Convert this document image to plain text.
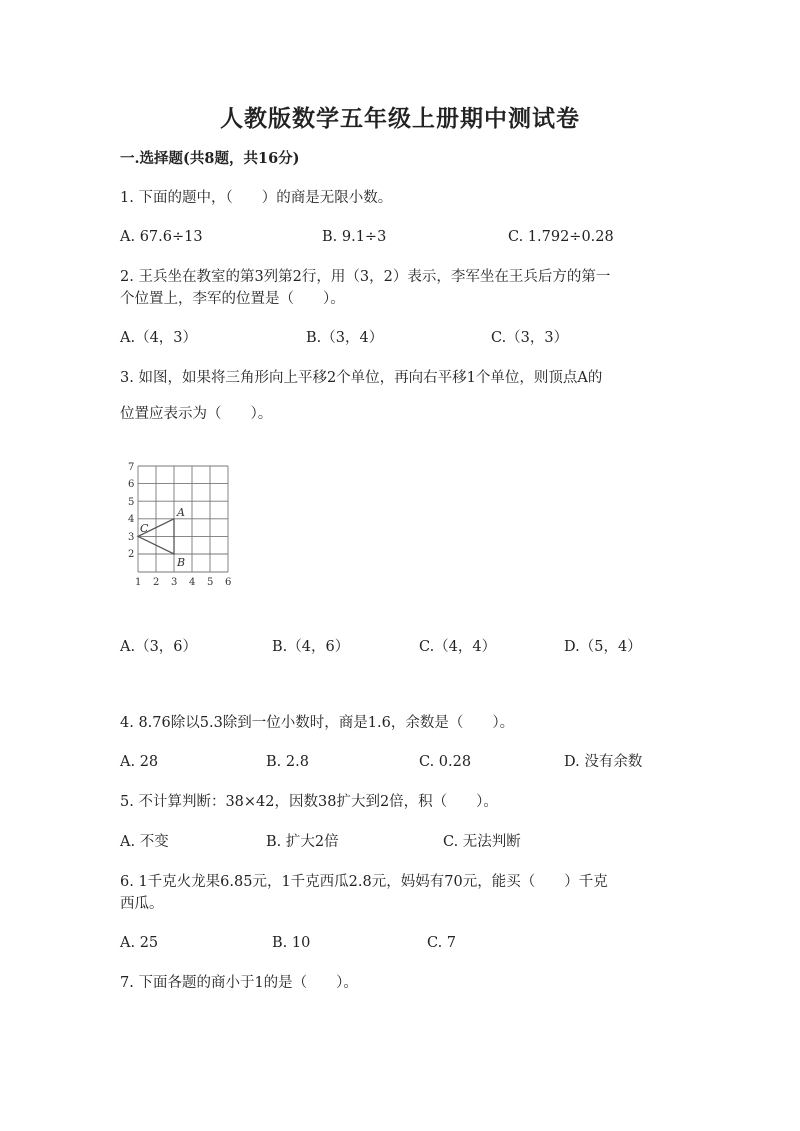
人教版数学五年级上册期中测试卷
一.选择题(共8题，共16分)
1. 下面的题中，（　　）的商是无限小数。
A. 67.6÷13	B. 9.1÷3	C. 1.792÷0.28
2. 王兵坐在教室的第3列第2行，用（3，2）表示，李军坐在王兵后方的第一
个位置上，李军的位置是（　　）。
A.（4，3）	B.（3，4）	C.（3，3）
3. 如图，如果将三角形向上平移2个单位，再向右平移1个单位，则顶点A的
位置应表示为（　　）。
7
6
5
4
3
2
1 2 3 4 5 6
A
B
C
A.（3，6）	B.（4，6）	C.（4，4）	D.（5，4）
4. 8.76除以5.3除到一位小数时，商是1.6，余数是（　　）。
A. 28	B. 2.8	C. 0.28	D. 没有余数
5. 不计算判断：38×42，因数38扩大到2倍，积（　　）。
A. 不变	B. 扩大2倍	C. 无法判断
6. 1千克火龙果6.85元，1千克西瓜2.8元，妈妈有70元，能买（　　）千克
西瓜。
A. 25	B. 10	C. 7
7. 下面各题的商小于1的是（　　）。
